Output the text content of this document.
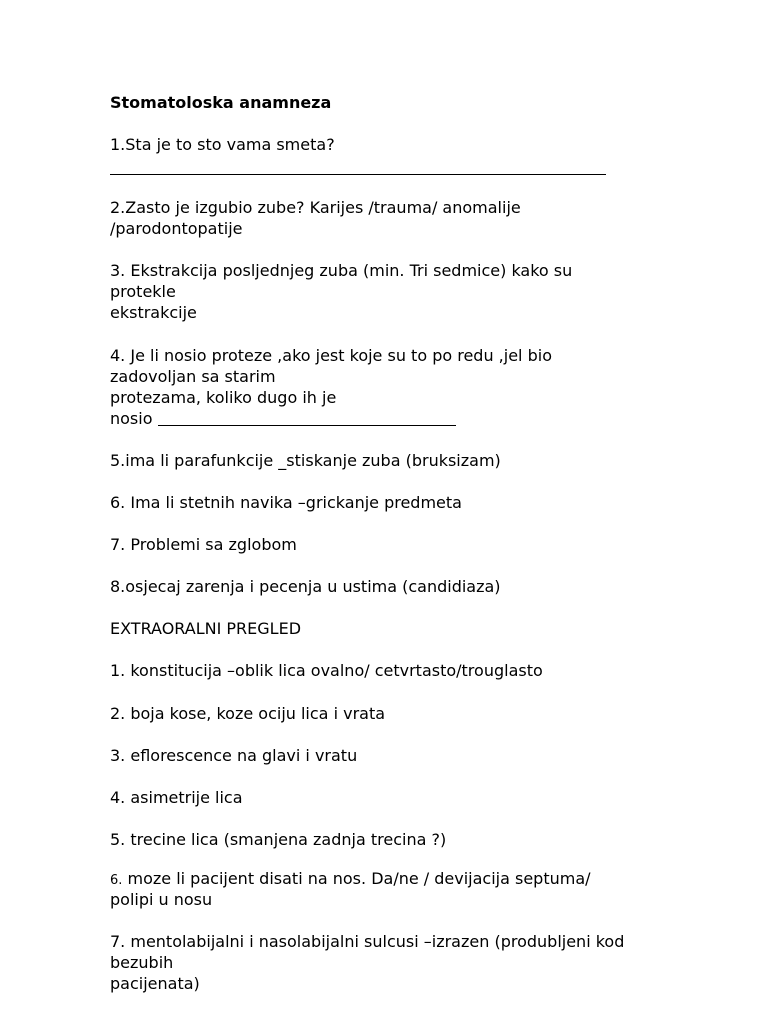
Stomatoloska anamneza
1.Sta je to sto vama smeta?
2.Zasto je izgubio zube? Karijes /trauma/ anomalije
/parodontopatije
3. Ekstrakcija posljednjeg zuba (min. Tri sedmice) kako su
protekle
ekstrakcije
4. Je li nosio proteze ,ako jest koje su to po redu ,jel bio
zadovoljan sa starim
protezama, koliko dugo ih je
nosio
5.ima li parafunkcije _stiskanje zuba (bruksizam)
6. Ima li stetnih navika –grickanje predmeta
7. Problemi sa zglobom
8.osjecaj zarenja i pecenja u ustima (candidiaza)
EXTRAORALNI PREGLED
1. konstitucija –oblik lica ovalno/ cetvrtasto/trouglasto
2. boja kose, koze ociju lica i vrata
3. eflorescence na glavi i vratu
4. asimetrije lica
5. trecine lica (smanjena zadnja trecina ?)
6. moze li pacijent disati na nos. Da/ne / devijacija septuma/
polipi u nosu
7. mentolabijalni i nasolabijalni sulcusi –izrazen (produbljeni kod
bezubih
pacijenata)
